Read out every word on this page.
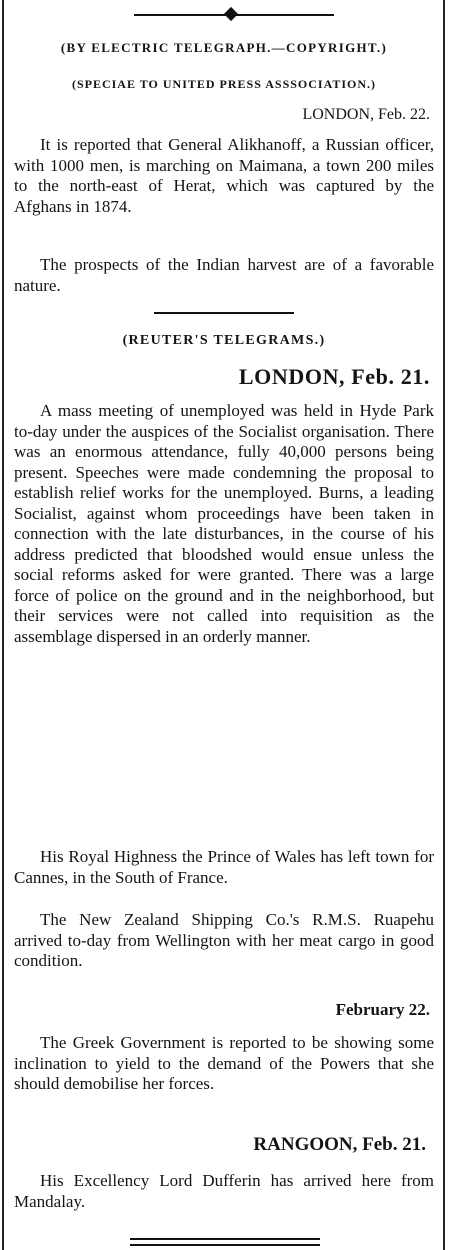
(BY ELECTRIC TELEGRAPH.—COPYRIGHT.)
(SPECIAE TO UNITED PRESS ASSSOCIATION.)
LONDON, Feb. 22.
It is reported that General Alikhanoff, a Russian officer, with 1000 men, is marching on Maimana, a town 200 miles to the north-east of Herat, which was captured by the Afghans in 1874.
The prospects of the Indian harvest are of a favorable nature.
(REUTER'S TELEGRAMS.)
LONDON, Feb. 21.
A mass meeting of unemployed was held in Hyde Park to-day under the auspices of the Socialist organisation. There was an enormous attendance, fully 40,000 persons being present. Speeches were made condemning the proposal to establish relief works for the unemployed. Burns, a leading Socialist, against whom proceedings have been taken in connection with the late disturbances, in the course of his address predicted that bloodshed would ensue unless the social reforms asked for were granted. There was a large force of police on the ground and in the neighborhood, but their services were not called into requisition as the assemblage dispersed in an orderly manner.
His Royal Highness the Prince of Wales has left town for Cannes, in the South of France.
The New Zealand Shipping Co.'s R.M.S. Ruapehu arrived to-day from Wellington with her meat cargo in good condition.
February 22.
The Greek Government is reported to be showing some inclination to yield to the demand of the Powers that she should demobilise her forces.
RANGOON, Feb. 21.
His Excellency Lord Dufferin has arrived here from Mandalay.
